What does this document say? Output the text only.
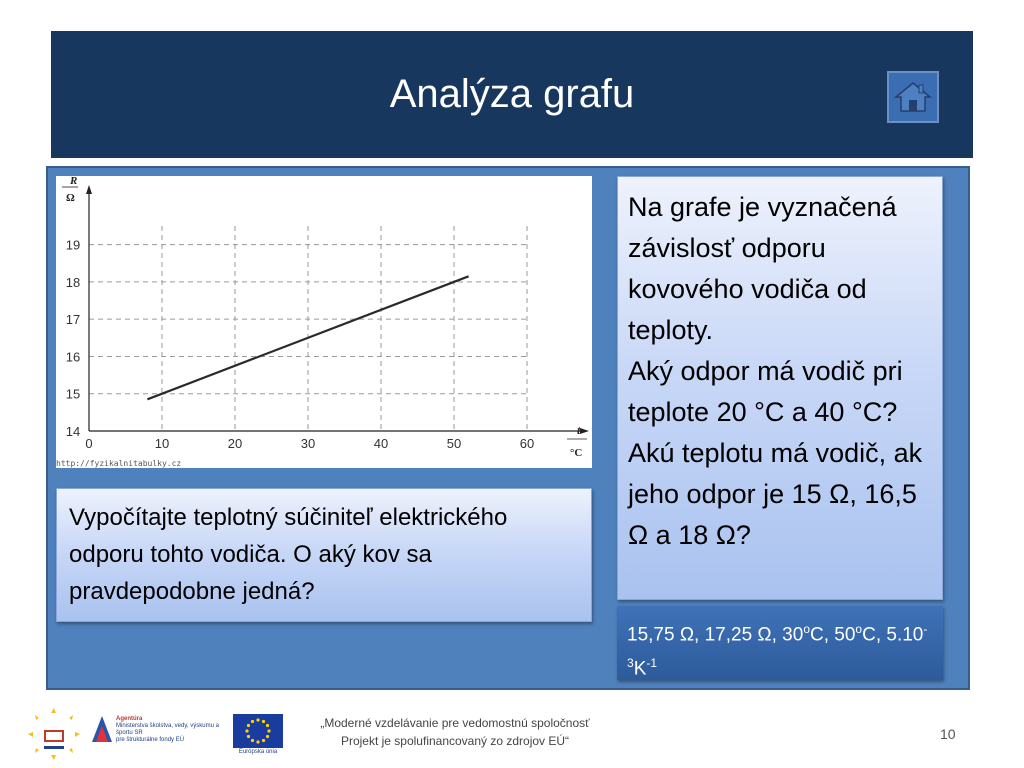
Analýza grafu
0	10	20	30	40	50	60
14
15
16
17
18
19
R
Ω
t
°C
http://fyzikalnitabulky.cz

Na grafe je vyznačená závislosť odporu kovového vodiča od teploty.

Aký odpor má vodič pri teplote 20 °C a 40 °C?

Akú teplotu má vodič, ak jeho odpor je 15 Ω, 16,5 Ω a 18 Ω?

Vypočítajte teplotný súčiniteľ elektrického odporu tohto vodiča. O aký kov sa pravdepodobne jedná?
15,75 Ω, 17,25 Ω, 30$^o$C, 50$^o$C, $5.10^{-3}K^{-1}$
Agentúra
Ministerstva školstva, vedy, výskumu a športu SR
pre štrukturálne fondy EÚ
Európska únia
„Moderné vzdelávanie pre vedomostnú spoločnosť
Projekt je spolufinancovaný zo zdrojov EÚ“	10
